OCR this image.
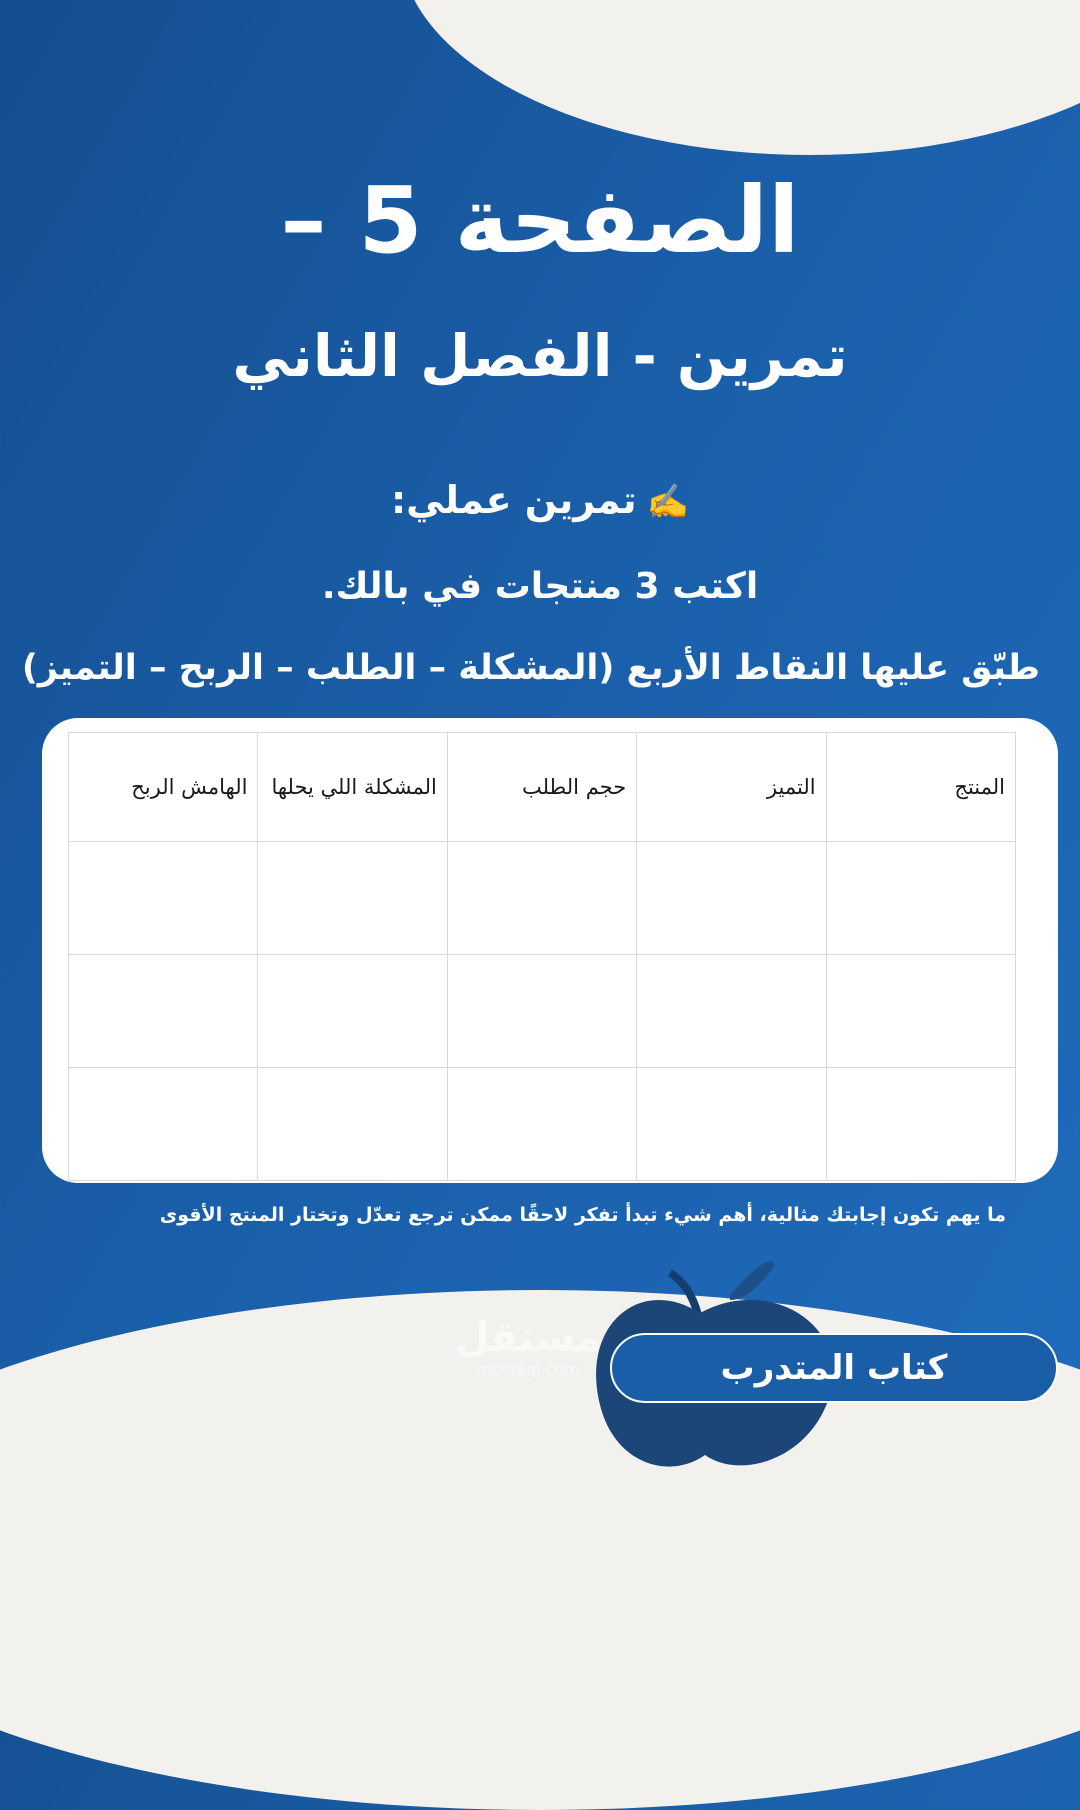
الصفحة 5 –
تمرين - الفصل الثاني
✍️تمرين عملي:
اكتب 3 منتجات في بالك.
طبّق عليها النقاط الأربع (المشكلة – الطلب – الربح – التميز)
المنتج	التميز	حجم الطلب	المشكلة اللي يحلها	الهامش الربح

ما يهم تكون إجابتك مثالية، أهم شيء تبدأ تفكر لاحقًا ممكن ترجع تعدّل وتختار المنتج الأقوى
مستقل
mostaql.com	كتاب المتدرب
